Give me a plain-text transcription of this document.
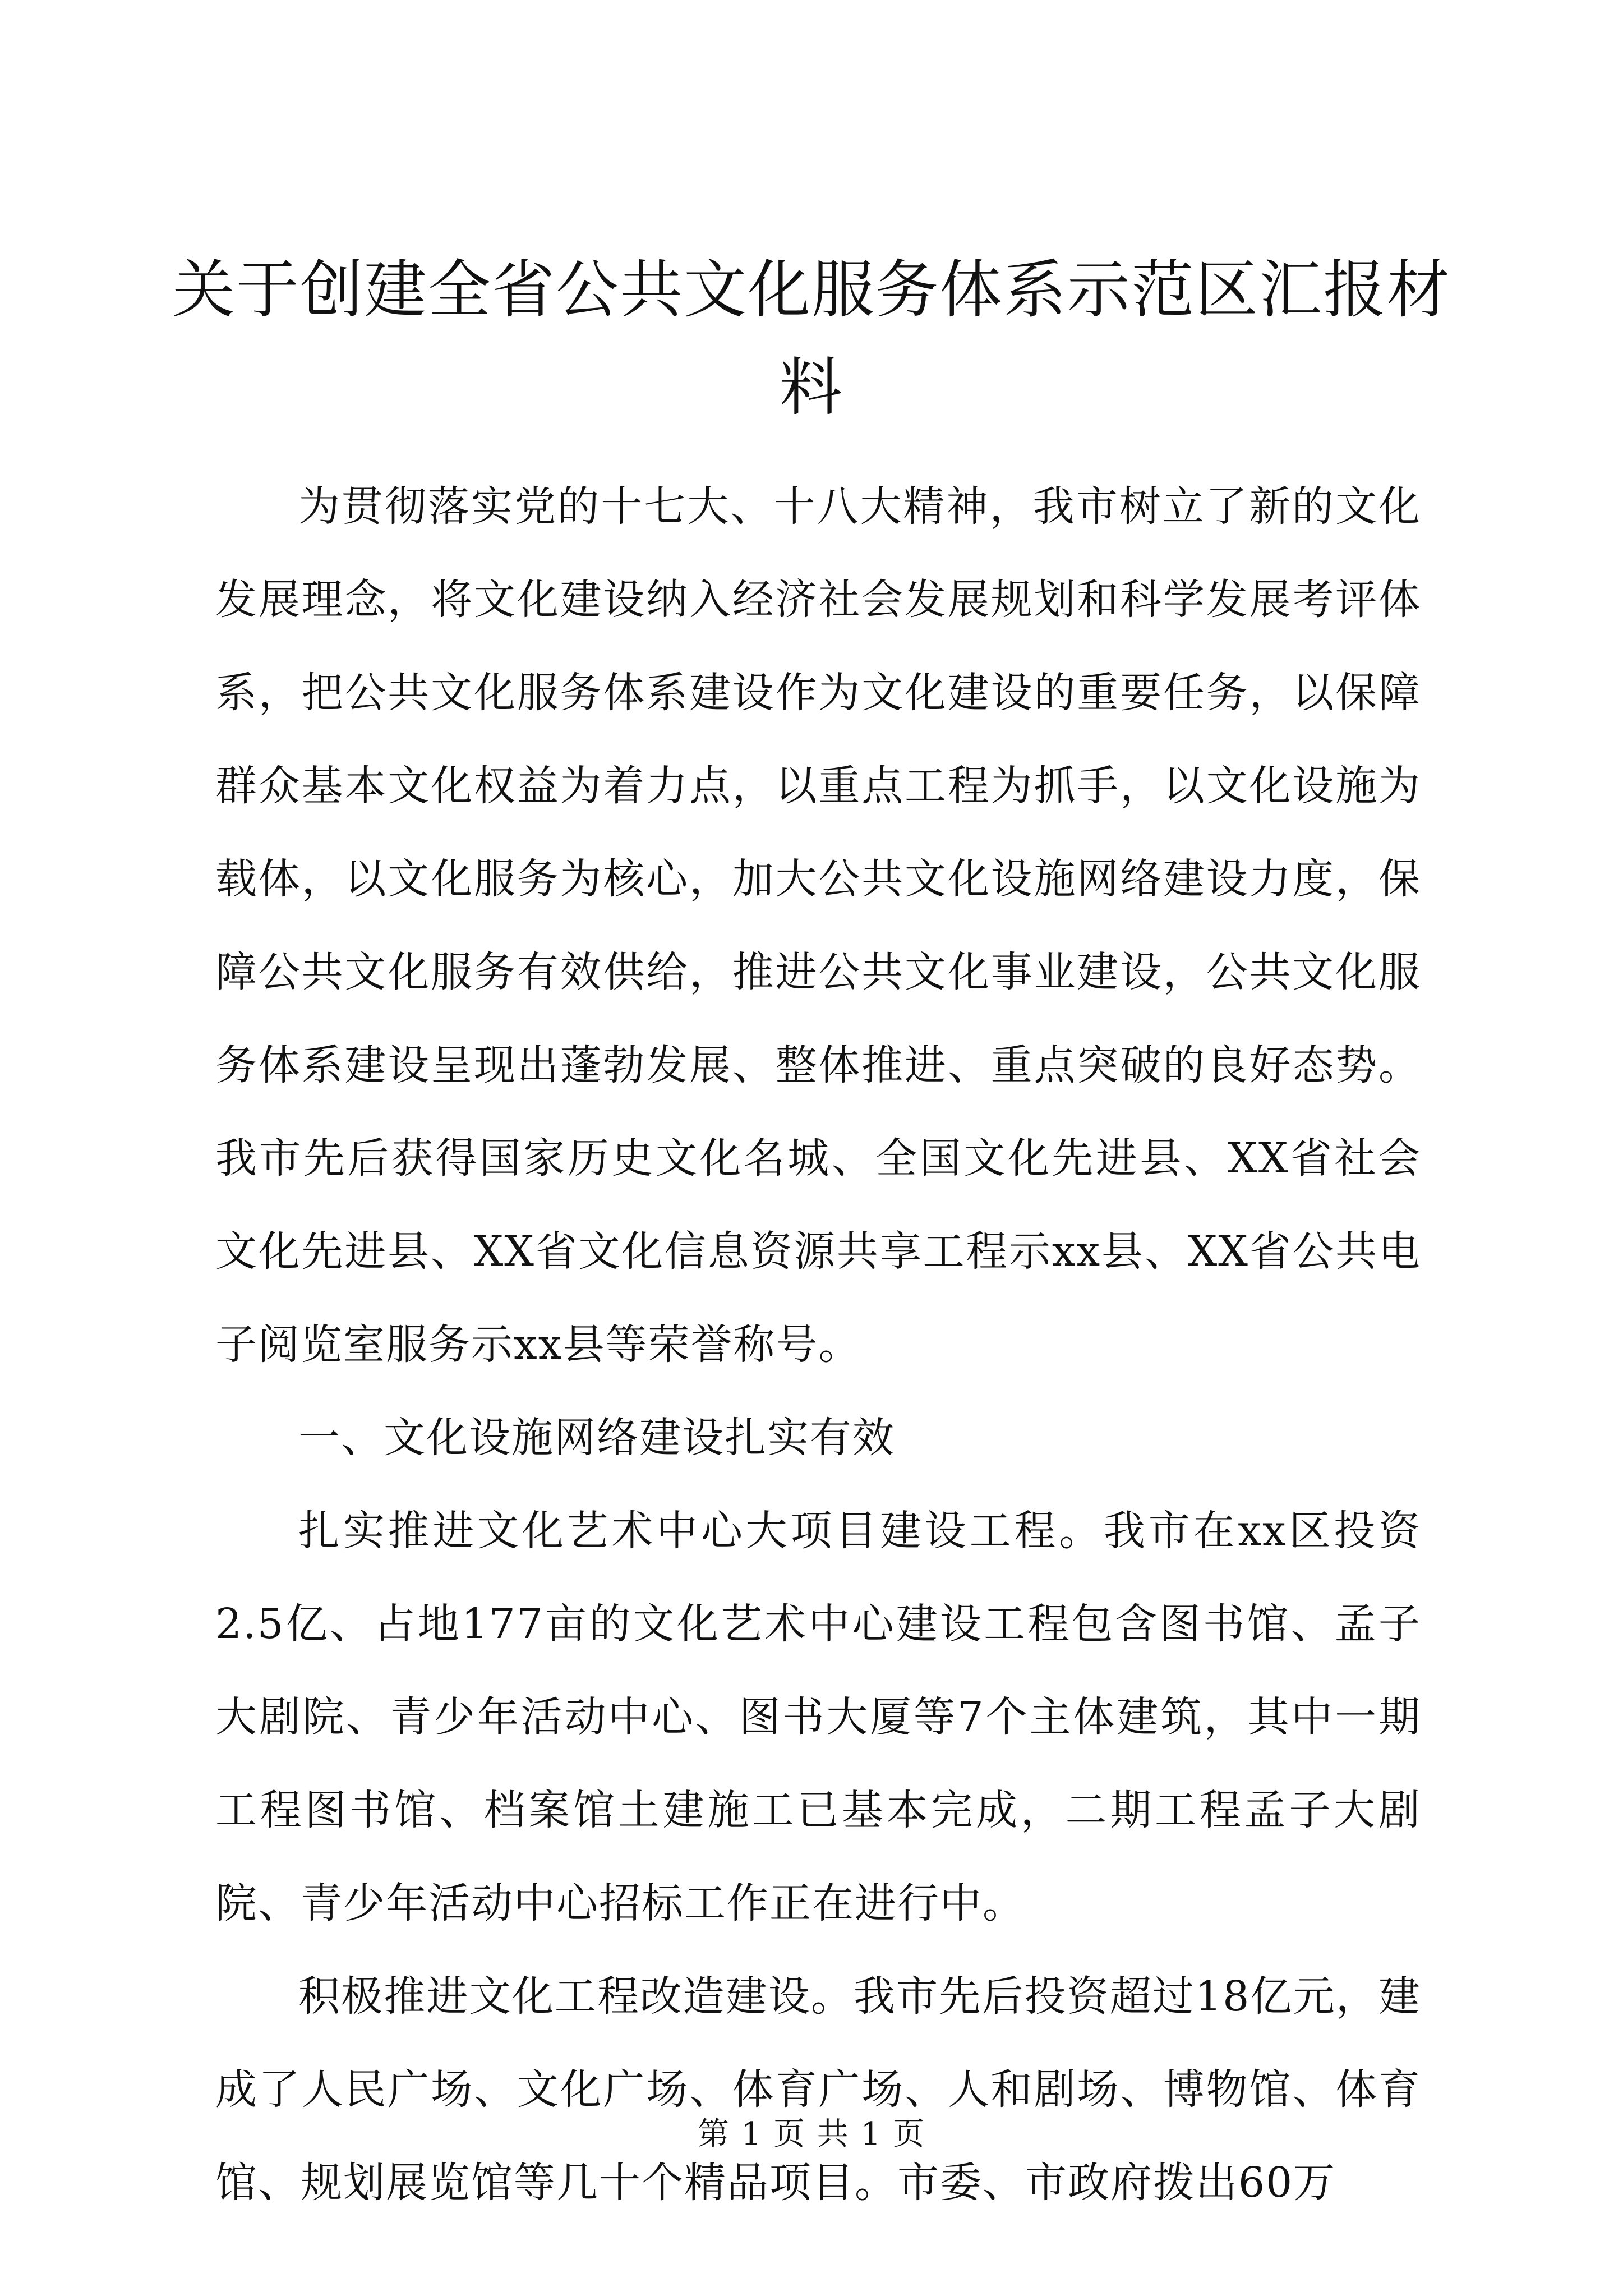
关于创建全省公共文化服务体系示范区汇报材料

为贯彻落实党的十七大、十八大精神，我市树立了新的文化发展理念，将文化建设纳入经济社会发展规划和科学发展考评体系，把公共文化服务体系建设作为文化建设的重要任务，以保障群众基本文化权益为着力点，以重点工程为抓手，以文化设施为载体，以文化服务为核心，加大公共文化设施网络建设力度，保障公共文化服务有效供给，推进公共文化事业建设，公共文化服务体系建设呈现出蓬勃发展、整体推进、重点突破的良好态势。我市先后获得国家历史文化名城、全国文化先进县、XX省社会文化先进县、XX省文化信息资源共享工程示xx县、XX省公共电子阅览室服务示xx县等荣誉称号。

一、文化设施网络建设扎实有效

扎实推进文化艺术中心大项目建设工程。我市在xx区投资2.5亿、占地177亩的文化艺术中心建设工程包含图书馆、孟子大剧院、青少年活动中心、图书大厦等7个主体建筑，其中一期工程图书馆、档案馆土建施工已基本完成，二期工程孟子大剧院、青少年活动中心招标工作正在进行中。

积极推进文化工程改造建设。我市先后投资超过18亿元，建成了人民广场、文化广场、体育广场、人和剧场、博物馆、体育馆、规划展览馆等几十个精品项目。市委、市政府拨出60万

第 1 页 共 1 页
